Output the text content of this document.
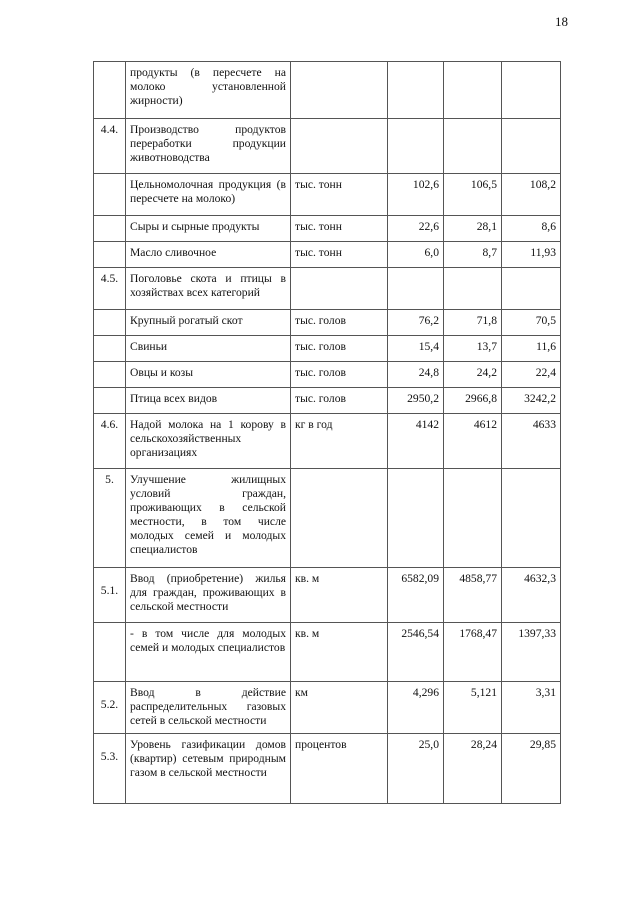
18
	продукты (в пересчете на молоко установленной жирности)				
4.4.	Производство продуктов переработки продукции животноводства				
	Цельномолочная продукция (в пересчете на молоко)	тыс. тонн	102,6	106,5	108,2
	Сыры и сырные продукты	тыс. тонн	22,6	28,1	8,6
	Масло сливочное	тыс. тонн	6,0	8,7	11,93
4.5.	Поголовье скота и птицы в хозяйствах всех категорий				
	Крупный рогатый скот	тыс. голов	76,2	71,8	70,5
	Свиньи	тыс. голов	15,4	13,7	11,6
	Овцы и козы	тыс. голов	24,8	24,2	22,4
	Птица всех видов	тыс. голов	2950,2	2966,8	3242,2
4.6.	Надой молока на 1 корову в сельскохозяйственных организациях	кг в год	4142	4612	4633
5.	Улучшение жилищных условий граждан, проживающих в сельской местности, в том числе молодых семей и молодых специалистов				
5.1.	Ввод (приобретение) жилья для граждан, проживающих в сельской местности	кв. м	6582,09	4858,77	4632,3
	- в том числе для молодых семей и молодых специалистов	кв. м	2546,54	1768,47	1397,33
5.2.	Ввод в действие распределительных газовых сетей в сельской местности	км	4,296	5,121	3,31
5.3.	Уровень газификации домов (квартир) сетевым природным газом в сельской местности	процентов	25,0	28,24	29,85
